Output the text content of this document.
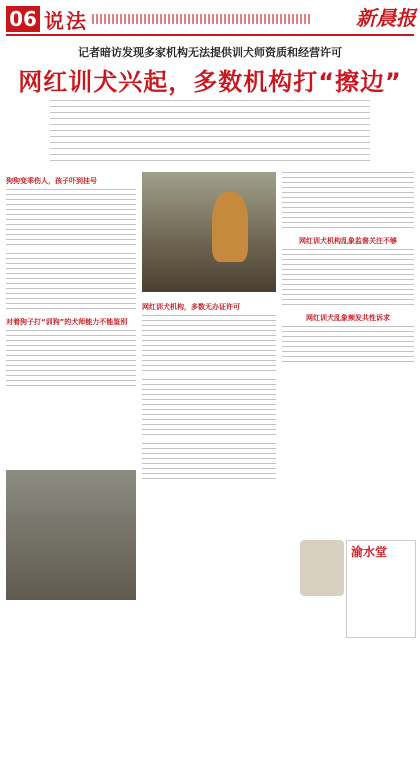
06 说法	新晨报
记者暗访发现多家机构无法提供训犬师资质和经营许可
网红训犬兴起，多数机构打“擦边”
狗狗变乖伤人，孩子吓到挂号
对着狗子打“训狗”的犬师能力不能鉴别
网红训犬机构，多数无办证许可
网红训犬机构乱象监督关注不够
网红训犬乱象频发共性诉求
渝水堂
